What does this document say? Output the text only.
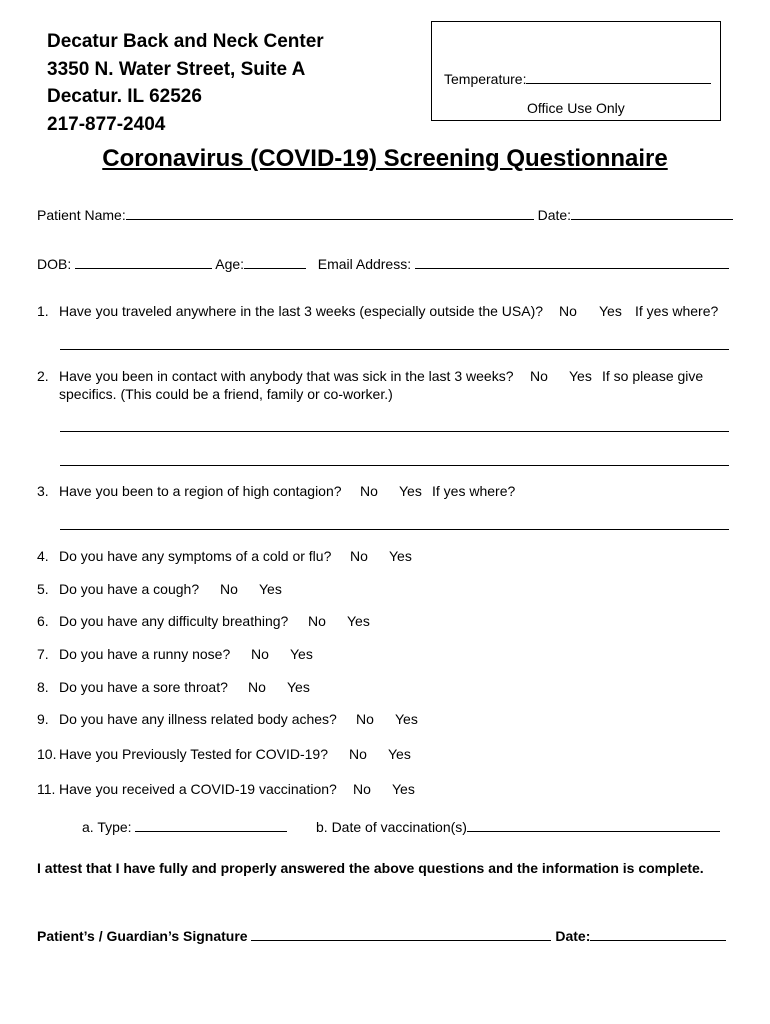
Decatur Back and Neck Center
3350 N. Water Street, Suite A
Decatur. IL 62526
217-877-2404
Temperature:
Office Use Only
Coronavirus (COVID-19) Screening Questionnaire
Patient Name:	Date:
DOB:	Age:	Email Address:
1. Have you traveled anywhere in the last 3 weeks (especially outside the USA)? No Yes If yes where?
2. Have you been in contact with anybody that was sick in the last 3 weeks? No Yes If so please give
specifics. (This could be a friend, family or co-worker.)
3. Have you been to a region of high contagion? No Yes If yes where?
4. Do you have any symptoms of a cold or flu? No Yes
5. Do you have a cough? No Yes
6. Do you have any difficulty breathing? No Yes
7. Do you have a runny nose? No Yes
8. Do you have a sore throat? No Yes
9. Do you have any illness related body aches? No Yes
10. Have you Previously Tested for COVID-19? No Yes
11. Have you received a COVID-19 vaccination? No Yes
a. Type:	b. Date of vaccination(s)
I attest that I have fully and properly answered the above questions and the information is complete.
Patient’s / Guardian’s Signature	Date:
